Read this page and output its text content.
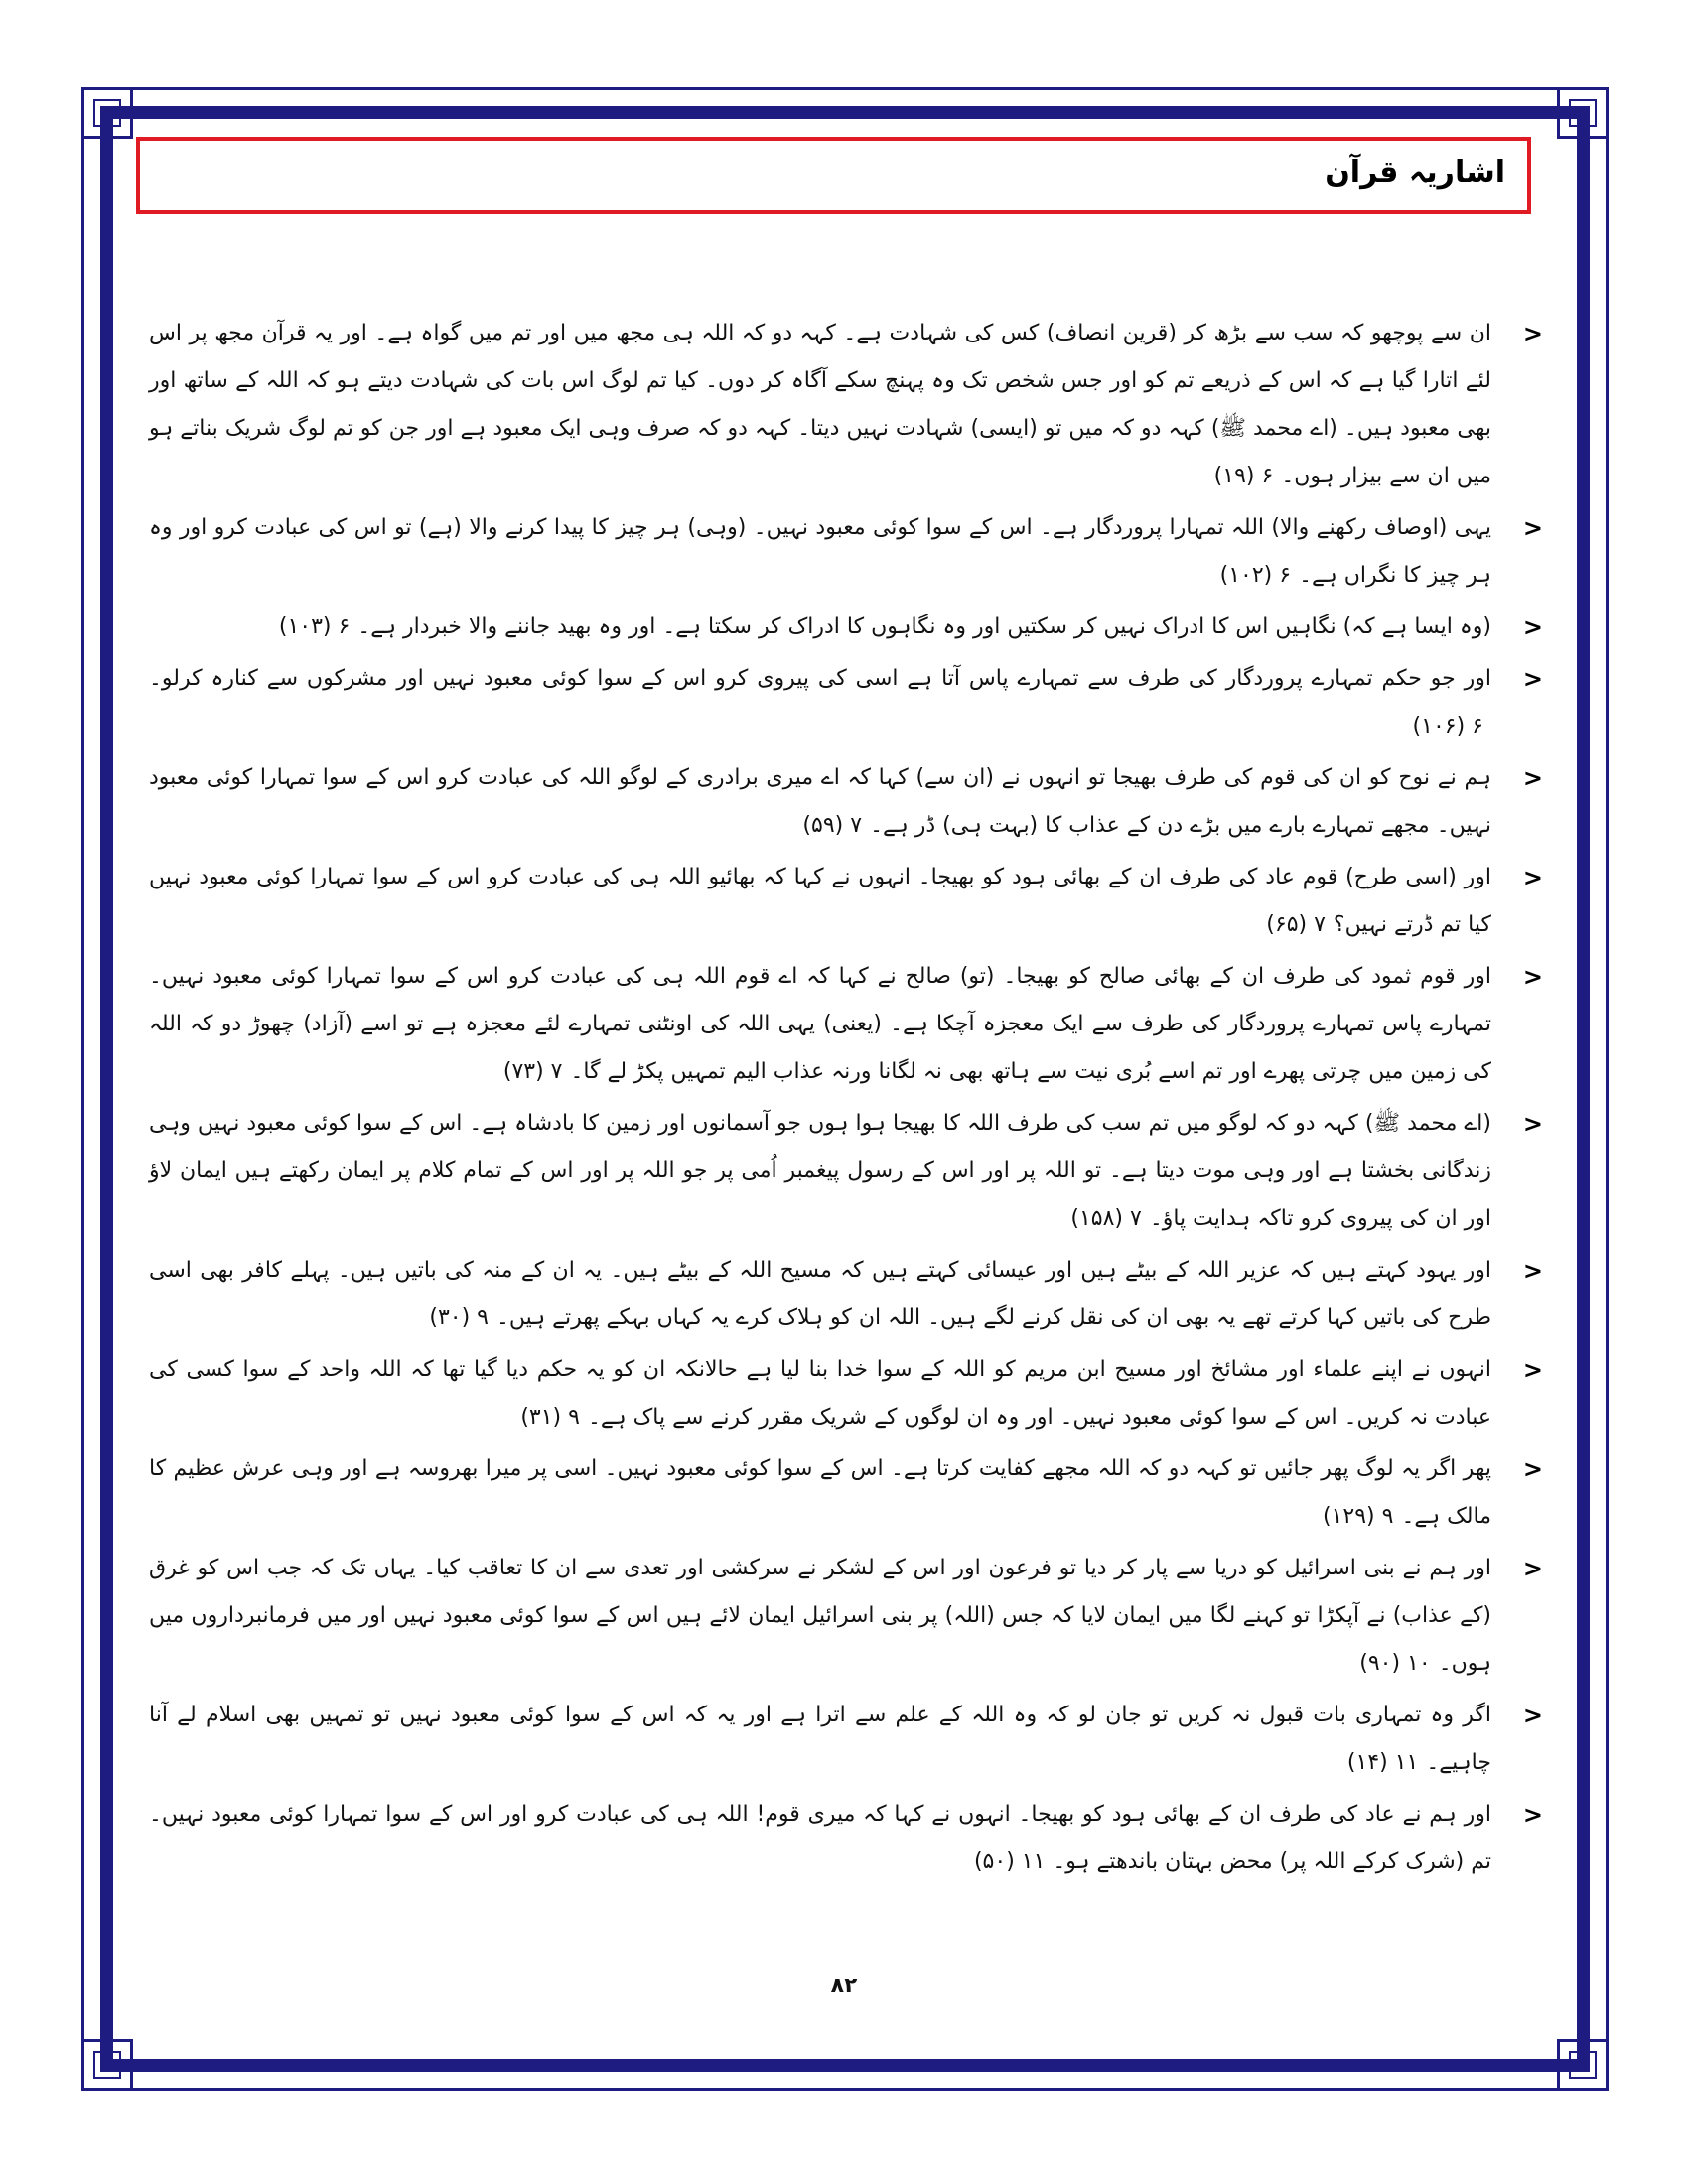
اشاریہ قرآن
>
ان سے پوچھو کہ سب سے بڑھ کر (قرین انصاف) کس کی شہادت ہے۔ کہہ دو کہ اللہ ہی مجھ میں اور تم میں گواہ ہے۔ اور یہ قرآن مجھ پر اس لئے اتارا گیا ہے کہ اس کے ذریعے تم کو اور جس شخص تک وہ پہنچ سکے آگاہ کر دوں۔ کیا تم لوگ اس بات کی شہادت دیتے ہو کہ اللہ کے ساتھ اور بھی معبود ہیں۔ (اے محمد ﷺ) کہہ دو کہ میں تو (ایسی) شہادت نہیں دیتا۔ کہہ دو کہ صرف وہی ایک معبود ہے اور جن کو تم لوگ شریک بناتے ہو میں ان سے بیزار ہوں۔۶ (۱۹)
>
یہی (اوصاف رکھنے والا) اللہ تمہارا پروردگار ہے۔ اس کے سوا کوئی معبود نہیں۔ (وہی) ہر چیز کا پیدا کرنے والا (ہے) تو اس کی عبادت کرو اور وہ ہر چیز کا نگراں ہے۔۶ (۱۰۲)
>
(وہ ایسا ہے کہ) نگاہیں اس کا ادراک نہیں کر سکتیں اور وہ نگاہوں کا ادراک کر سکتا ہے۔ اور وہ بھید جاننے والا خبردار ہے۔۶ (۱۰۳)
>
اور جو حکم تمہارے پروردگار کی طرف سے تمہارے پاس آتا ہے اسی کی پیروی کرو اس کے سوا کوئی معبود نہیں اور مشرکوں سے کنارہ کرلو۔۶ (۱۰۶)
>
ہم نے نوح کو ان کی قوم کی طرف بھیجا تو انہوں نے (ان سے) کہا کہ اے میری برادری کے لوگو اللہ کی عبادت کرو اس کے سوا تمہارا کوئی معبود نہیں۔ مجھے تمہارے بارے میں بڑے دن کے عذاب کا (بہت ہی) ڈر ہے۔۷ (۵۹)
>
اور (اسی طرح) قوم عاد کی طرف ان کے بھائی ہود کو بھیجا۔ انہوں نے کہا کہ بھائیو اللہ ہی کی عبادت کرو اس کے سوا تمہارا کوئی معبود نہیں کیا تم ڈرتے نہیں؟۷ (۶۵)
>
اور قوم ثمود کی طرف ان کے بھائی صالح کو بھیجا۔ (تو) صالح نے کہا کہ اے قوم اللہ ہی کی عبادت کرو اس کے سوا تمہارا کوئی معبود نہیں۔ تمہارے پاس تمہارے پروردگار کی طرف سے ایک معجزہ آچکا ہے۔ (یعنی) یہی اللہ کی اونٹنی تمہارے لئے معجزہ ہے تو اسے (آزاد) چھوڑ دو کہ اللہ کی زمین میں چرتی پھرے اور تم اسے بُری نیت سے ہاتھ بھی نہ لگانا ورنہ عذاب الیم تمہیں پکڑ لے گا۔۷ (۷۳)
>
(اے محمد ﷺ) کہہ دو کہ لوگو میں تم سب کی طرف اللہ کا بھیجا ہوا ہوں جو آسمانوں اور زمین کا بادشاہ ہے۔ اس کے سوا کوئی معبود نہیں وہی زندگانی بخشتا ہے اور وہی موت دیتا ہے۔ تو اللہ پر اور اس کے رسول پیغمبر اُمی پر جو اللہ پر اور اس کے تمام کلام پر ایمان رکھتے ہیں ایمان لاؤ اور ان کی پیروی کرو تاکہ ہدایت پاؤ۔۷ (۱۵۸)
>
اور یہود کہتے ہیں کہ عزیر اللہ کے بیٹے ہیں اور عیسائی کہتے ہیں کہ مسیح اللہ کے بیٹے ہیں۔ یہ ان کے منہ کی باتیں ہیں۔ پہلے کافر بھی اسی طرح کی باتیں کہا کرتے تھے یہ بھی ان کی نقل کرنے لگے ہیں۔ اللہ ان کو ہلاک کرے یہ کہاں بہکے پھرتے ہیں۔۹ (۳۰)
>
انہوں نے اپنے علماء اور مشائخ اور مسیح ابن مریم کو اللہ کے سوا خدا بنا لیا ہے حالانکہ ان کو یہ حکم دیا گیا تھا کہ اللہ واحد کے سوا کسی کی عبادت نہ کریں۔ اس کے سوا کوئی معبود نہیں۔ اور وہ ان لوگوں کے شریک مقرر کرنے سے پاک ہے۔۹ (۳۱)
>
پھر اگر یہ لوگ پھر جائیں تو کہہ دو کہ اللہ مجھے کفایت کرتا ہے۔ اس کے سوا کوئی معبود نہیں۔ اسی پر میرا بھروسہ ہے اور وہی عرش عظیم کا مالک ہے۔۹ (۱۲۹)
>
اور ہم نے بنی اسرائیل کو دریا سے پار کر دیا تو فرعون اور اس کے لشکر نے سرکشی اور تعدی سے ان کا تعاقب کیا۔ یہاں تک کہ جب اس کو غرق (کے عذاب) نے آپکڑا تو کہنے لگا میں ایمان لایا کہ جس (اللہ) پر بنی اسرائیل ایمان لائے ہیں اس کے سوا کوئی معبود نہیں اور میں فرمانبرداروں میں ہوں۔۱۰ (۹۰)
>
اگر وہ تمہاری بات قبول نہ کریں تو جان لو کہ وہ اللہ کے علم سے اترا ہے اور یہ کہ اس کے سوا کوئی معبود نہیں تو تمہیں بھی اسلام لے آنا چاہیے۔۱۱ (۱۴)
>
اور ہم نے عاد کی طرف ان کے بھائی ہود کو بھیجا۔ انہوں نے کہا کہ میری قوم! اللہ ہی کی عبادت کرو اور اس کے سوا تمہارا کوئی معبود نہیں۔ تم (شرک کرکے اللہ پر) محض بہتان باندھتے ہو۔۱۱ (۵۰)
۸۲
